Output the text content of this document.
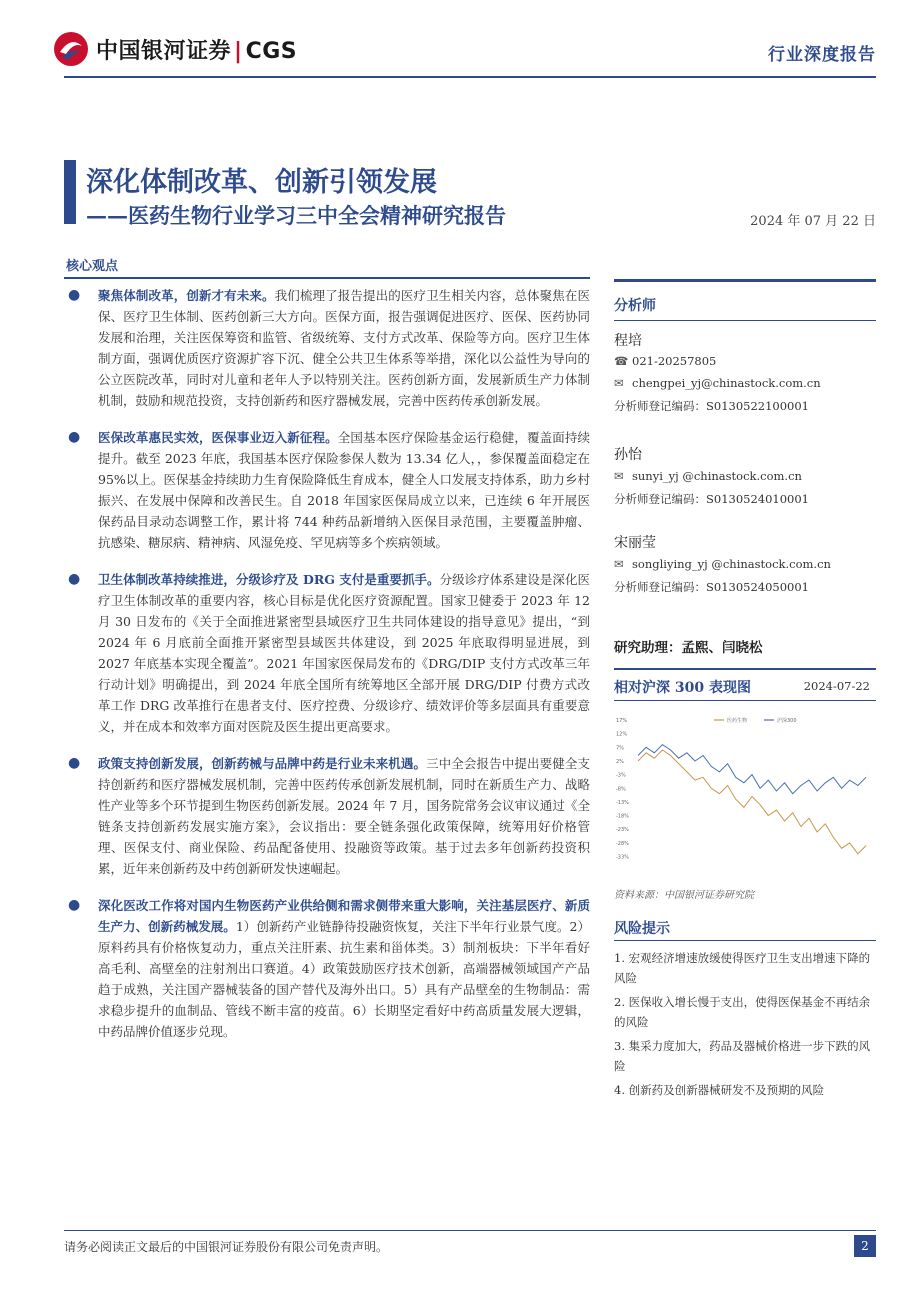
中国银河证券 | CGS	行业深度报告
深化体制改革、创新引领发展
——医药生物行业学习三中全会精神研究报告	2024 年 07 月 22 日
核心观点
● 聚焦体制改革，创新才有未来。我们梳理了报告提出的医疗卫生相关内容，总体聚焦在医保、医疗卫生体制、医药创新三大方向。医保方面，报告强调促进医疗、医保、医药协同发展和治理，关注医保筹资和监管、省级统筹、支付方式改革、保险等方向。医疗卫生体制方面，强调优质医疗资源扩容下沉、健全公共卫生体系等举措，深化以公益性为导向的公立医院改革，同时对儿童和老年人予以特别关注。医药创新方面，发展新质生产力体制机制，鼓励和规范投资，支持创新药和医疗器械发展，完善中医药传承创新发展。
● 医保改革惠民实效，医保事业迈入新征程。全国基本医疗保险基金运行稳健，覆盖面持续提升。截至 2023 年底，我国基本医疗保险参保人数为 13.34 亿人，，参保覆盖面稳定在 95%以上。医保基金持续助力生育保险降低生育成本，健全人口发展支持体系，助力乡村振兴、在发展中保障和改善民生。自 2018 年国家医保局成立以来，已连续 6 年开展医保药品目录动态调整工作，累计将 744 种药品新增纳入医保目录范围，主要覆盖肿瘤、抗感染、糖尿病、精神病、风湿免疫、罕见病等多个疾病领域。
● 卫生体制改革持续推进，分级诊疗及 DRG 支付是重要抓手。分级诊疗体系建设是深化医疗卫生体制改革的重要内容，核心目标是优化医疗资源配置。国家卫健委于 2023 年 12 月 30 日发布的《关于全面推进紧密型县域医疗卫生共同体建设的指导意见》提出，“到 2024 年 6 月底前全面推开紧密型县域医共体建设，到 2025 年底取得明显进展，到 2027 年底基本实现全覆盖”。2021 年国家医保局发布的《DRG/DIP 支付方式改革三年行动计划》明确提出，到 2024 年底全国所有统筹地区全部开展 DRG/DIP 付费方式改革工作 DRG 改革推行在患者支付、医疗控费、分级诊疗、绩效评价等多层面具有重要意义，并在成本和效率方面对医院及医生提出更高要求。
● 政策支持创新发展，创新药械与品牌中药是行业未来机遇。三中全会报告中提出要健全支持创新药和医疗器械发展机制，完善中医药传承创新发展机制，同时在新质生产力、战略性产业等多个环节提到生物医药创新发展。2024 年 7 月，国务院常务会议审议通过《全链条支持创新药发展实施方案》，会议指出：要全链条强化政策保障，统筹用好价格管理、医保支付、商业保险、药品配备使用、投融资等政策。基于过去多年创新药投资积累，近年来创新药及中药创新研发快速崛起。
● 深化医改工作将对国内生物医药产业供给侧和需求侧带来重大影响，关注基层医疗、新质生产力、创新药械发展。1）创新药产业链静待投融资恢复，关注下半年行业景气度。2）原料药具有价格恢复动力，重点关注肝素、抗生素和甾体类。3）制剂板块：下半年看好高毛利、高壁垒的注射剂出口赛道。4）政策鼓励医疗技术创新，高端器械领域国产产品趋于成熟，关注国产器械装备的国产替代及海外出口。5）具有产品壁垒的生物制品：需求稳步提升的血制品、管线不断丰富的疫苗。6）长期坚定看好中药高质量发展大逻辑，中药品牌价值逐步兑现。
分析师
程培
☎ 021-20257805
✉ chengpei_yj@chinastock.com.cn
分析师登记编码：S0130522100001
孙怡
✉ sunyi_yj @chinastock.com.cn
分析师登记编码：S0130524010001
宋丽莹
✉ songliying_yj @chinastock.com.cn
分析师登记编码：S0130524050001
研究助理：孟熙、闫晓松
相对沪深 300 表现图	2024-07-22
17%
12%
7%
2%
-3%
-8%
-13%
-18%
-23%
-28%
-33%
医药生物	沪深300
资料来源：中国银河证券研究院
风险提示
1. 宏观经济增速放缓使得医疗卫生支出增速下降的风险
2. 医保收入增长慢于支出，使得医保基金不再结余的风险
3. 集采力度加大，药品及器械价格进一步下跌的风险
4. 创新药及创新器械研发不及预期的风险
请务必阅读正文最后的中国银河证券股份有限公司免责声明。	2
